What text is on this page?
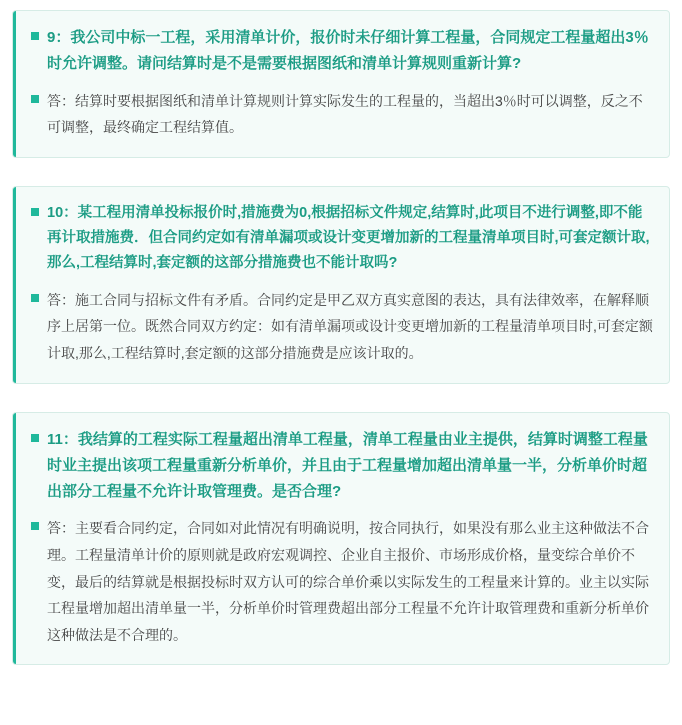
9：我公司中标一工程，采用清单计价，报价时未仔细计算工程量，合同规定工程量超出3％时允许调整。请问结算时是不是需要根据图纸和清单计算规则重新计算?
答：结算时要根据图纸和清单计算规则计算实际发生的工程量的，当超出3％时可以调整，反之不可调整，最终确定工程结算值。
10：某工程用清单投标报价时,措施费为0,根据招标文件规定,结算时,此项目不进行调整,即不能再计取措施费．但合同约定如有清单漏项或设计变更增加新的工程量清单项目时,可套定额计取,那么,工程结算时,套定额的这部分措施费也不能计取吗?
答：施工合同与招标文件有矛盾。合同约定是甲乙双方真实意图的表达，具有法律效率，在解释顺序上居第一位。既然合同双方约定：如有清单漏项或设计变更增加新的工程量清单项目时,可套定额计取,那么,工程结算时,套定额的这部分措施费是应该计取的。
11：我结算的工程实际工程量超出清单工程量，清单工程量由业主提供，结算时调整工程量时业主提出该项工程量重新分析单价，并且由于工程量增加超出清单量一半，分析单价时超出部分工程量不允许计取管理费。是否合理?
答：主要看合同约定，合同如对此情况有明确说明，按合同执行，如果没有那么业主这种做法不合理。工程量清单计价的原则就是政府宏观调控、企业自主报价、市场形成价格，量变综合单价不变，最后的结算就是根据投标时双方认可的综合单价乘以实际发生的工程量来计算的。业主以实际工程量增加超出清单量一半，分析单价时管理费超出部分工程量不允许计取管理费和重新分析单价这种做法是不合理的。
